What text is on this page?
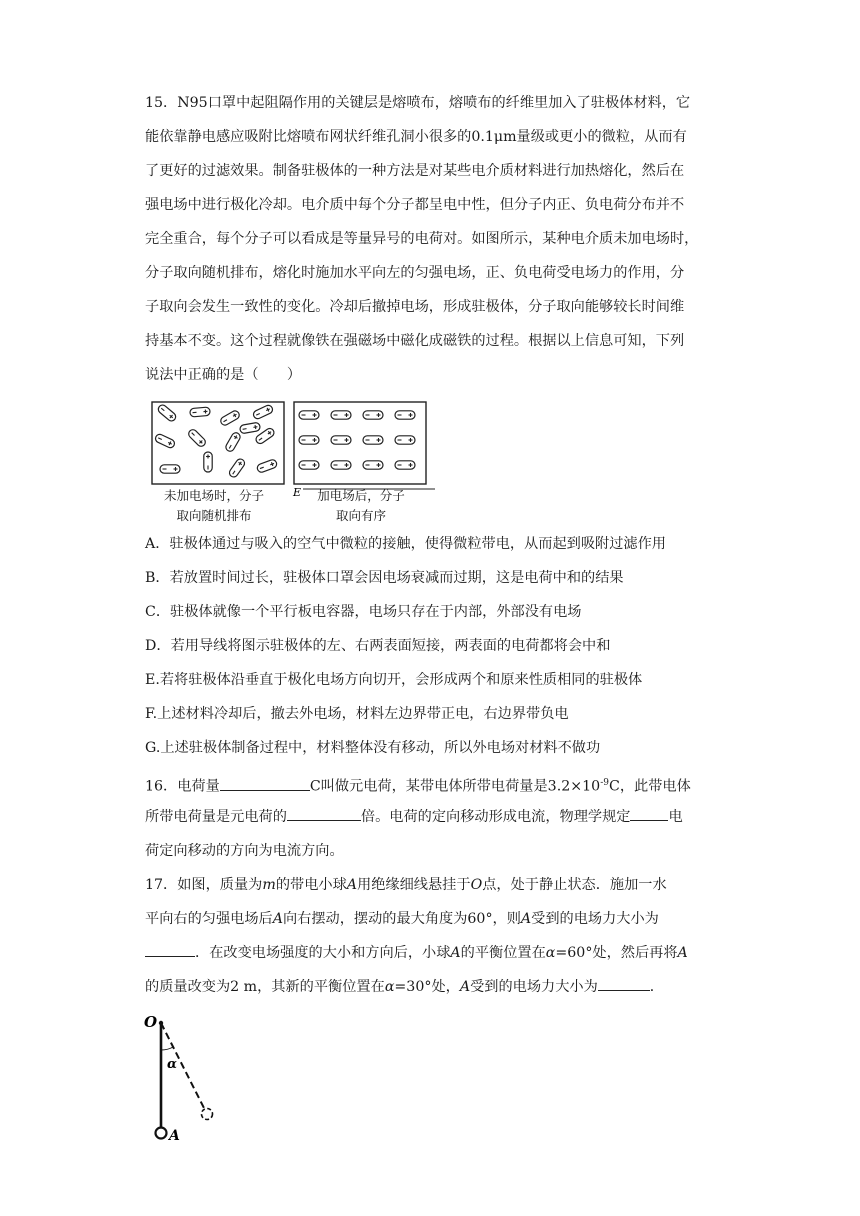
15．N95口罩中起阻隔作用的关键层是熔喷布，熔喷布的纤维里加入了驻极体材料，它
能依靠静电感应吸附比熔喷布网状纤维孔洞小很多的0.1μm量级或更小的微粒，从而有
了更好的过滤效果。制备驻极体的一种方法是对某些电介质材料进行加热熔化，然后在
强电场中进行极化冷却。电介质中每个分子都呈电中性，但分子内正、负电荷分布并不
完全重合，每个分子可以看成是等量异号的电荷对。如图所示，某种电介质未加电场时，
分子取向随机排布，熔化时施加水平向左的匀强电场，正、负电荷受电场力的作用，分
子取向会发生一致性的变化。冷却后撤掉电场，形成驻极体，分子取向能够较长时间维
持基本不变。这个过程就像铁在强磁场中磁化成磁铁的过程。根据以上信息可知，下列
说法中正确的是（　　）
E
未加电场时，分子
取向随机排布
加电场后，分子
取向有序
A．驻极体通过与吸入的空气中微粒的接触，使得微粒带电，从而起到吸附过滤作用
B．若放置时间过长，驻极体口罩会因电场衰减而过期，这是电荷中和的结果
C．驻极体就像一个平行板电容器，电场只存在于内部，外部没有电场
D．若用导线将图示驻极体的左、右两表面短接，两表面的电荷都将会中和
E.若将驻极体沿垂直于极化电场方向切开，会形成两个和原来性质相同的驻极体
F.上述材料冷却后，撤去外电场，材料左边界带正电，右边界带负电
G.上述驻极体制备过程中，材料整体没有移动，所以外电场对材料不做功
16．电荷量	C叫做元电荷，某带电体所带电荷量是$3.2\times 10^{-9}C$，此带电体
所带电荷量是元电荷的	倍。电荷的定向移动形成电流，物理学规定	电
荷定向移动的方向为电流方向。
17．如图，质量为m的带电小球A用绝缘细线悬挂于O点，处于静止状态．施加一水
平向右的匀强电场后A向右摆动，摆动的最大角度为60°，则A受到的电场力大小为
．在改变电场强度的大小和方向后，小球A的平衡位置在α=60°处，然后再将A
的质量改变为2 m，其新的平衡位置在α=30°处，A受到的电场力大小为	．
O
α
A
